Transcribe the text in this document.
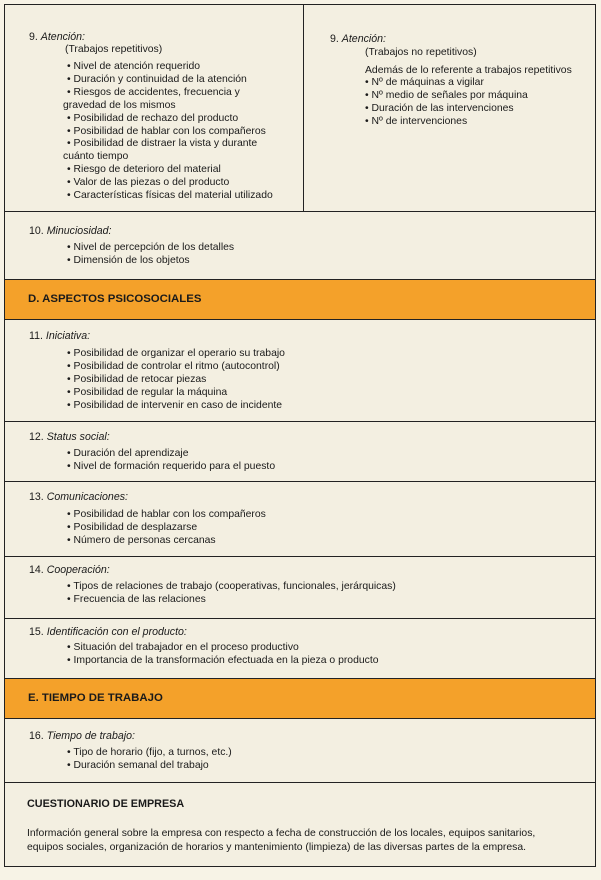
9. Atención:
(Trabajos repetitivos)
• Nivel de atención requerido
• Duración y continuidad de la atención
• Riesgos de accidentes, frecuencia y
gravedad de los mismos
• Posibilidad de rechazo del producto
• Posibilidad de hablar con los compañeros
• Posibilidad de distraer la vista y durante
cuánto tiempo
• Riesgo de deterioro del material
• Valor de las piezas o del producto
• Características físicas del material utilizado
9. Atención:
(Trabajos no repetitivos)
Además de lo referente a trabajos repetitivos
• Nº de máquinas a vigilar
• Nº medio de señales por máquina
• Duración de las intervenciones
• Nº de intervenciones
10. Minuciosidad:
• Nivel de percepción de los detalles
• Dimensión de los objetos
D. ASPECTOS PSICOSOCIALES
11. Iniciativa:
• Posibilidad de organizar el operario su trabajo
• Posibilidad de controlar el ritmo (autocontrol)
• Posibilidad de retocar piezas
• Posibilidad de regular la máquina
• Posibilidad de intervenir en caso de incidente
12. Status social:
• Duración del aprendizaje
• Nivel de formación requerido para el puesto
13. Comunicaciones:
• Posibilidad de hablar con los compañeros
• Posibilidad de desplazarse
• Número de personas cercanas
14. Cooperación:
• Tipos de relaciones de trabajo (cooperativas, funcionales, jerárquicas)
• Frecuencia de las relaciones
15. Identificación con el producto:
• Situación del trabajador en el proceso productivo
• Importancia de la transformación efectuada en la pieza o producto
E. TIEMPO DE TRABAJO
16. Tiempo de trabajo:
• Tipo de horario (fijo, a turnos, etc.)
• Duración semanal del trabajo
CUESTIONARIO DE EMPRESA
Información general sobre la empresa con respecto a fecha de construcción de los locales, equipos sanitarios,
equipos sociales, organización de horarios y mantenimiento (limpieza) de las diversas partes de la empresa.
